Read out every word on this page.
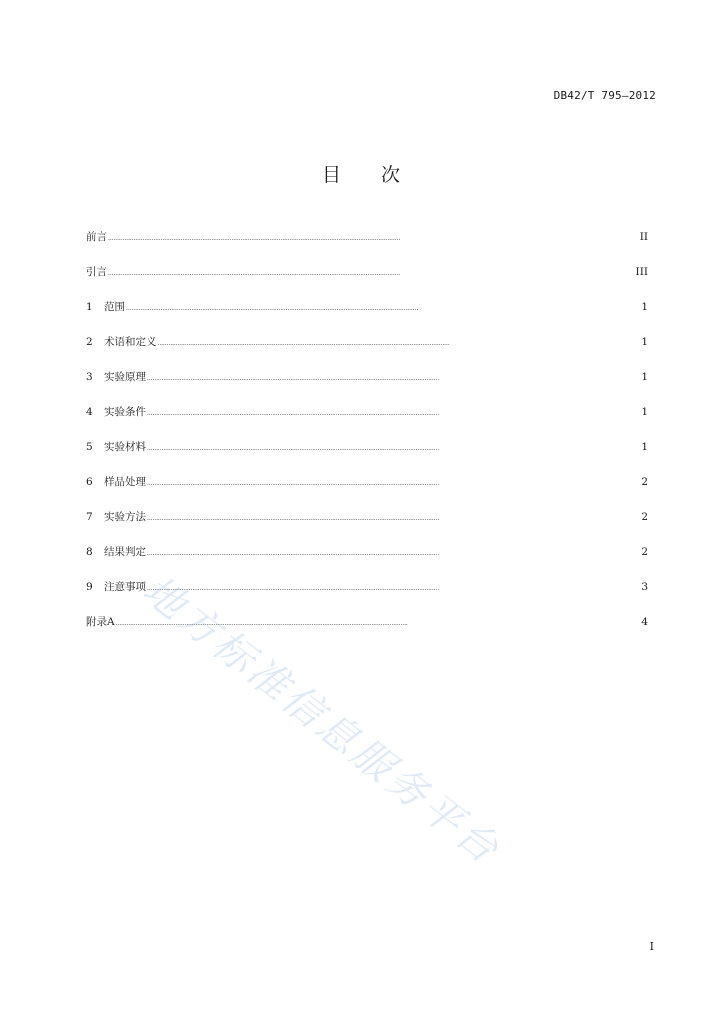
DB42/T 795—2012
目 次
前言 . . .	II
引言 . . .	III
1 范围 . . .	1
2 术语和定义 . . .	1
3 实验原理 . . .	1
4 实验条件 . . .	1
5 实验材料 . . .	1
6 样品处理 . . .	2
7 实验方法 . . .	2
8 结果判定 . . .	2
9 注意事项 . . .	3
附录A . . .	4
地方标准信息服务平台
I
